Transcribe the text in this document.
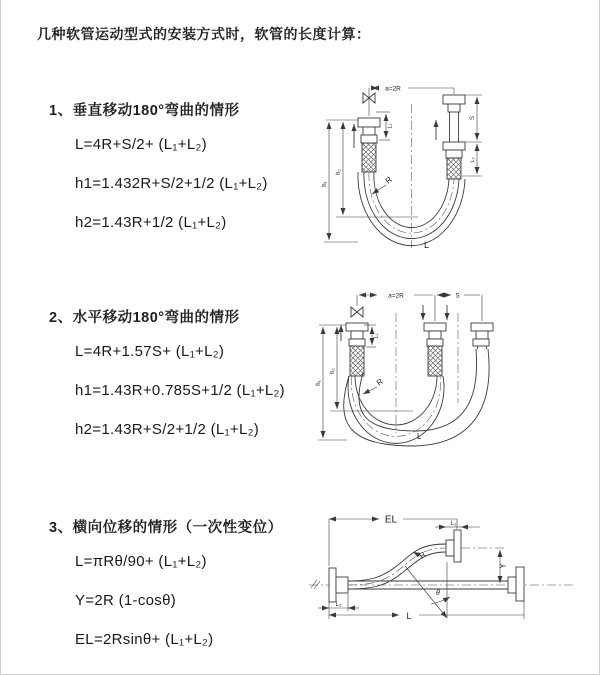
几种软管运动型式的安装方式时，软管的长度计算：
1、垂直移动180°弯曲的情形
L=4R+S/2+ (L₁+L₂)
h1=1.432R+S/2+1/2 (L₁+L₂)
h2=1.43R+1/2 (L₁+L₂)
a=2R
h₁
h₂
L₁
S
L₂
R
L
2、水平移动180°弯曲的情形
L=4R+1.57S+ (L₁+L₂)
h1=1.43R+0.785S+1/2 (L₁+L₂)
h2=1.43R+S/2+1/2 (L₁+L₂)
a=2R	S
L₁
h₁
h₂
R
L
3、横向位移的情形（一次性变位）
L=πRθ/90+ (L₁+L₂)
Y=2R (1-cosθ)
EL=2Rsinθ+ (L₁+L₂)
EL	L₁
Y
R
θ
L
L₂
